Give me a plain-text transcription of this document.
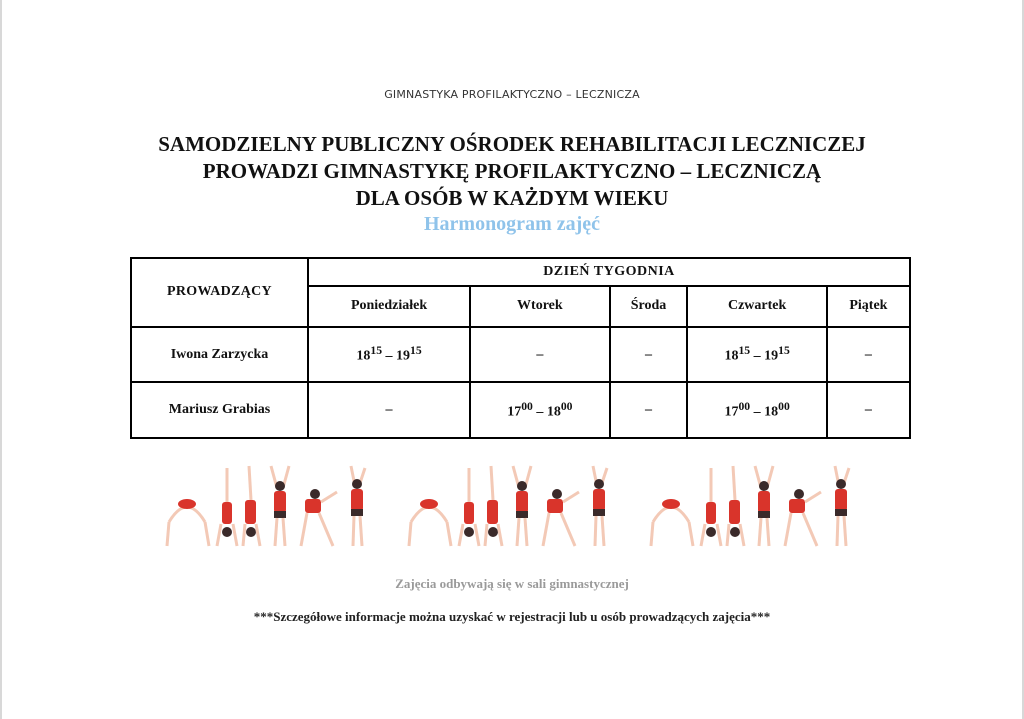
GIMNASTYKA PROFILAKTYCZNO – LECZNICZA
SAMODZIELNY PUBLICZNY OŚRODEK REHABILITACJI LECZNICZEJ
PROWADZI GIMNASTYKĘ PROFILAKTYCZNO – LECZNICZĄ
DLA OSÓB W KAŻDYM WIEKU
Harmonogram zajęć
PROWADZĄCY	DZIEŃ TYGODNIA				
	Poniedziałek	Wtorek	Środa	Czwartek	Piątek
Iwona Zarzycka	$18^{15} - 19^{15}$	–	–	$18^{15} - 19^{15}$	–
Mariusz Grabias	–	$17^{00} - 18^{00}$	–	$17^{00} - 18^{00}$	–
Zajęcia odbywają się w sali gimnastycznej
***Szczegółowe informacje można uzyskać w rejestracji lub u osób prowadzących zajęcia***
